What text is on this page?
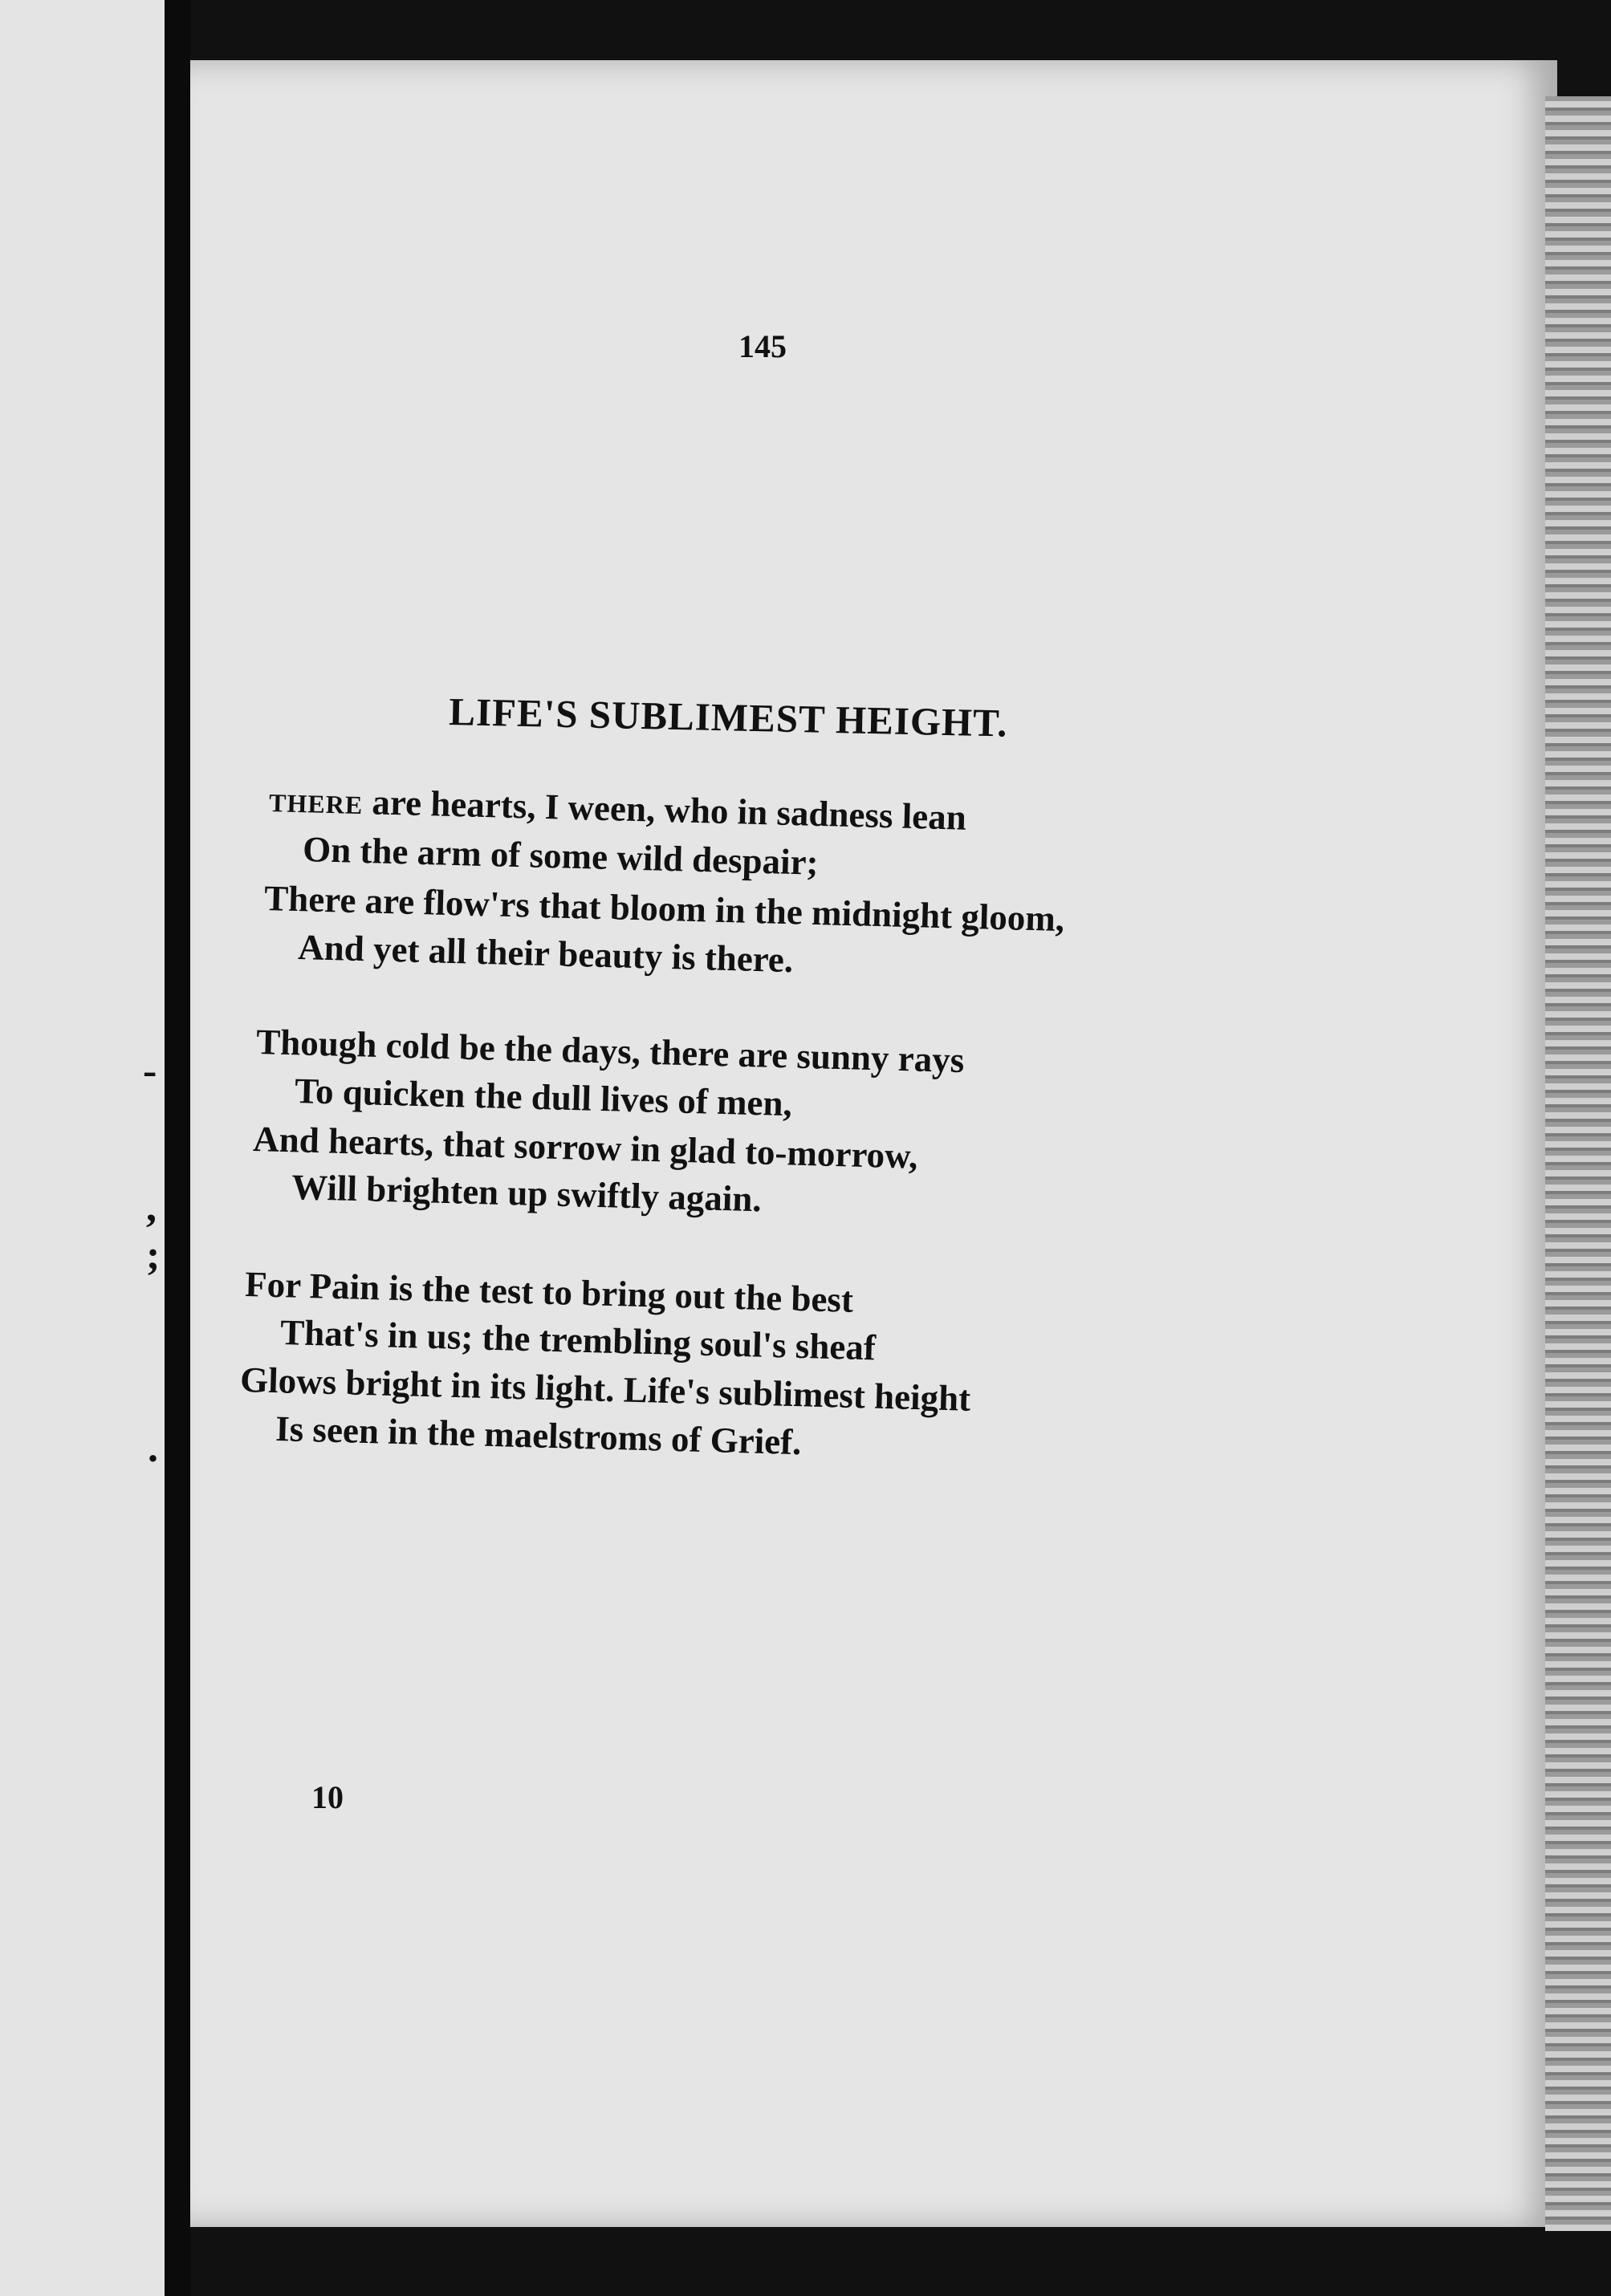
-
,
;
.
145
LIFE'S SUBLIMEST HEIGHT.
THERE are hearts, I ween, who in sadness lean
On the arm of some wild despair;
There are flow'rs that bloom in the midnight gloom,
And yet all their beauty is there.
Though cold be the days, there are sunny rays
To quicken the dull lives of men,
And hearts, that sorrow in glad to-morrow,
Will brighten up swiftly again.
For Pain is the test to bring out the best
That's in us; the trembling soul's sheaf
Glows bright in its light. Life's sublimest height
Is seen in the maelstroms of Grief.
10
